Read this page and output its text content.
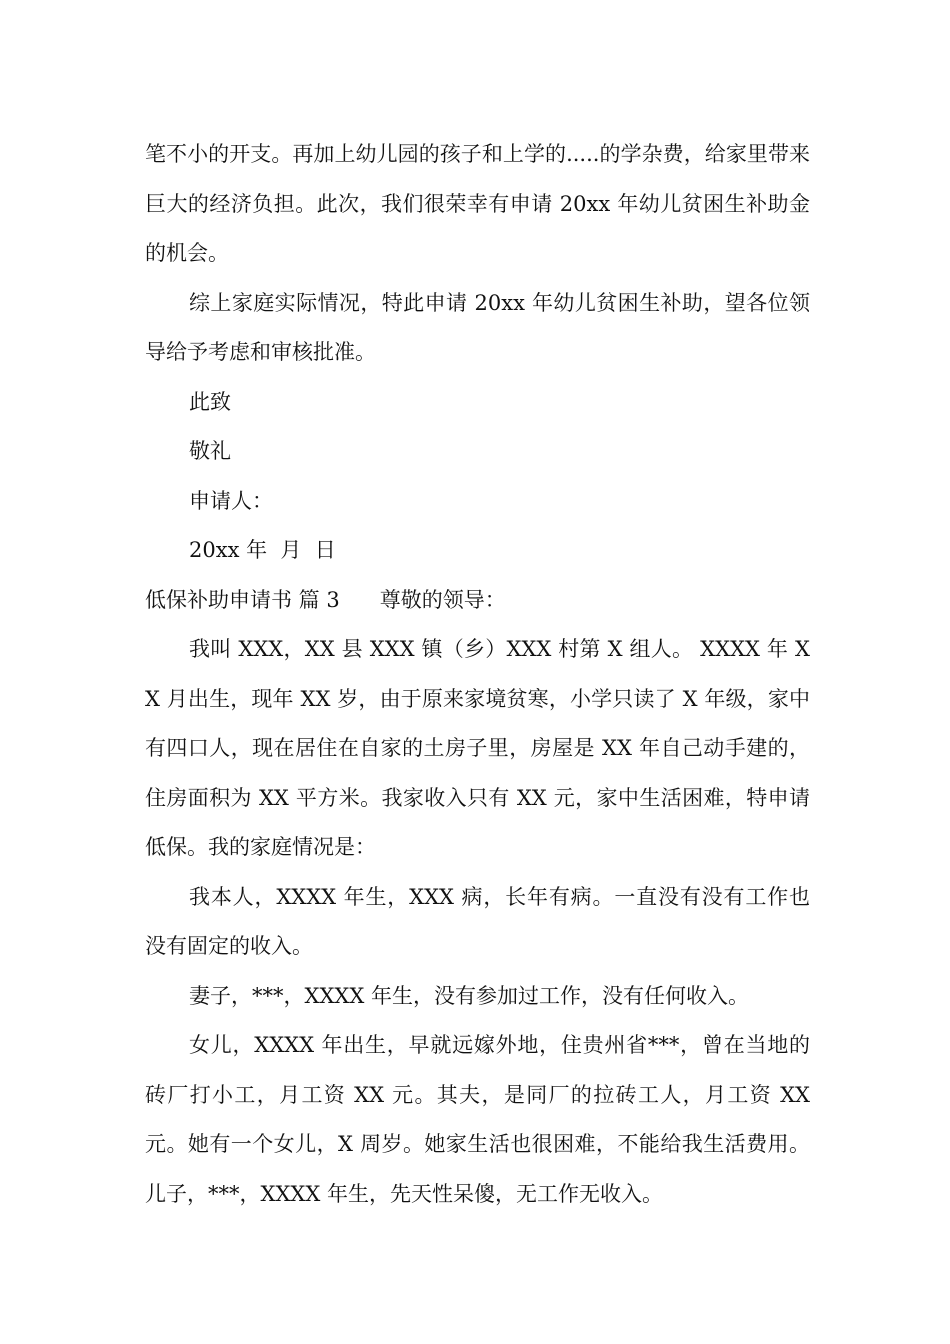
笔不小的开支。再加上幼儿园的孩子和上学的.....的学杂费，给家里带来巨大的经济负担。此次，我们很荣幸有申请 20xx 年幼儿贫困生补助金的机会。

综上家庭实际情况，特此申请 20xx 年幼儿贫困生补助，望各位领导给予考虑和审核批准。

此致

敬礼

申请人：

20xx 年  月  日

低保补助申请书 篇 3      尊敬的领导：

我叫 XXX，XX 县 XXX 镇（乡）XXX 村第 X 组人。 XXXX 年 XX 月出生，现年 XX 岁，由于原来家境贫寒，小学只读了 X 年级，家中有四口人，现在居住在自家的土房子里，房屋是 XX 年自己动手建的，住房面积为 XX 平方米。我家收入只有 XX 元，家中生活困难，特申请低保。我的家庭情况是：

我本人，XXXX 年生，XXX 病，长年有病。一直没有没有工作也没有固定的收入。

妻子，***，XXXX 年生，没有参加过工作，没有任何收入。

女儿，XXXX 年出生，早就远嫁外地，住贵州省***，曾在当地的砖厂打小工，月工资 XX 元。其夫，是同厂的拉砖工人，月工资 XX 元。她有一个女儿，X 周岁。她家生活也很困难，不能给我生活费用。儿子，***，XXXX 年生，先天性呆傻，无工作无收入。
